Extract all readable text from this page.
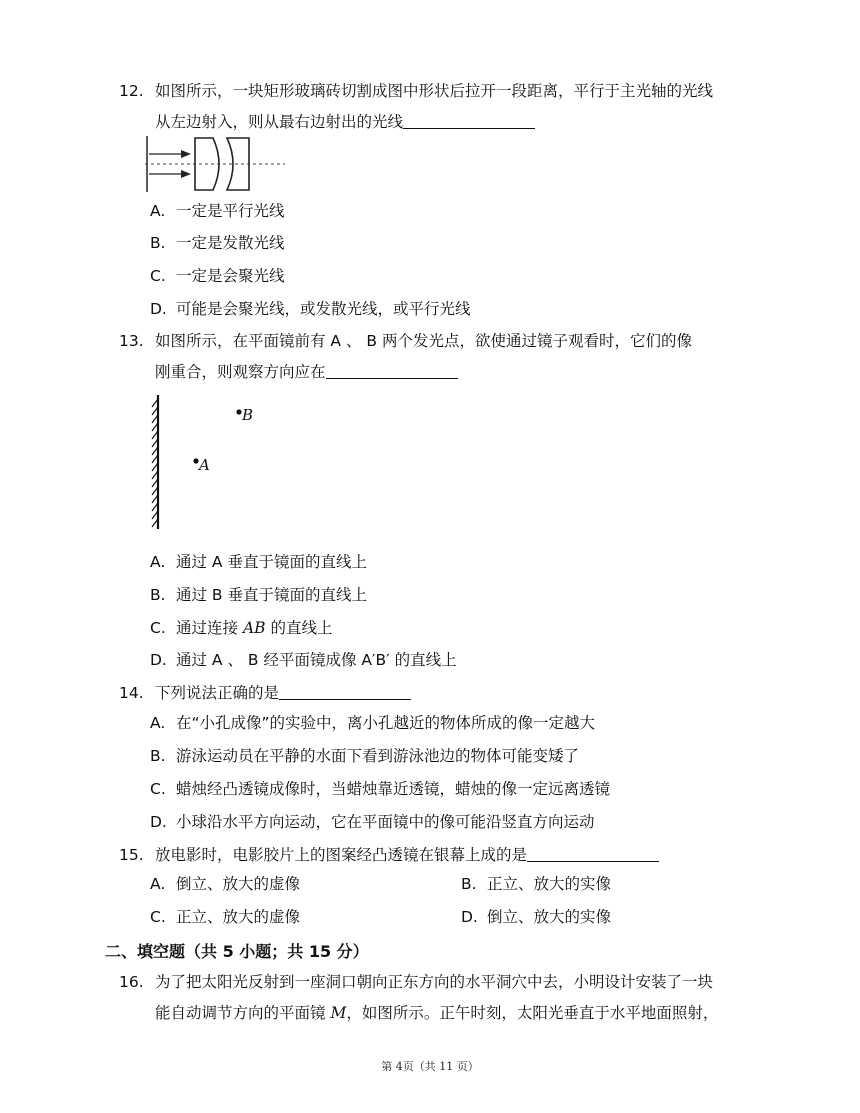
12. 如图所示，一块矩形玻璃砖切割成图中形状后拉开一段距离，平行于主光轴的光线
从左边射入，则从最右边射出的光线
A. 一定是平行光线
B. 一定是发散光线
C. 一定是会聚光线
D. 可能是会聚光线，或发散光线，或平行光线
13. 如图所示，在平面镜前有 A 、 B 两个发光点，欲使通过镜子观看时，它们的像
刚重合，则观察方向应在
B
A
A. 通过 A 垂直于镜面的直线上
B. 通过 B 垂直于镜面的直线上
C. 通过连接 AB 的直线上
D. 通过 A 、 B 经平面镜成像 A′B′ 的直线上
14. 下列说法正确的是
A. 在“小孔成像”的实验中，离小孔越近的物体所成的像一定越大
B. 游泳运动员在平静的水面下看到游泳池边的物体可能变矮了
C. 蜡烛经凸透镜成像时，当蜡烛靠近透镜，蜡烛的像一定远离透镜
D. 小球沿水平方向运动，它在平面镜中的像可能沿竖直方向运动
15. 放电影时，电影胶片上的图案经凸透镜在银幕上成的是
A. 倒立、放大的虚像	B. 正立、放大的实像
C. 正立、放大的虚像	D. 倒立、放大的实像
二、填空题（共 5 小题；共 15 分）
16. 为了把太阳光反射到一座洞口朝向正东方向的水平洞穴中去，小明设计安装了一块
能自动调节方向的平面镜 M，如图所示。正午时刻，太阳光垂直于水平地面照射，
第 4页（共 11 页）
